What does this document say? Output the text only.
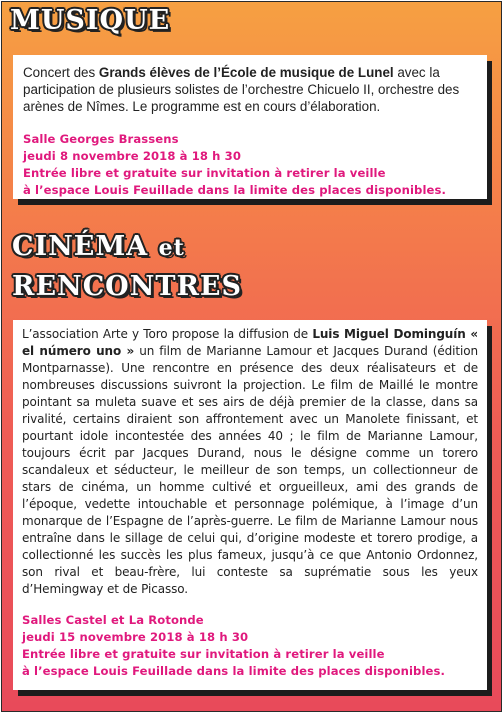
MUSIQUE

Concert des Grands élèves de l’École de musique de Lunel avec la participation de plusieurs solistes de l’orchestre Chicuelo II, orchestre des arènes de Nîmes. Le programme est en cours d’élaboration.

Salle Georges Brassens
jeudi 8 novembre 2018 à 18 h 30
Entrée libre et gratuite sur invitation à retirer la veille
à l’espace Louis Feuillade dans la limite des places disponibles.

CINÉMA et
RENCONTRES

L’association Arte y Toro propose la diffusion de Luis Miguel Dominguín « el número uno » un film de Marianne Lamour et Jacques Durand (édition Montparnasse). Une rencontre en présence des deux réalisateurs et de nombreuses discussions suivront la projection. Le film de Maillé le montre pointant sa muleta suave et ses airs de déjà premier de la classe, dans sa rivalité, certains diraient son affrontement avec un Manolete finissant, et pourtant idole incontestée des années 40 ; le film de Marianne Lamour, toujours écrit par Jacques Durand, nous le désigne comme un torero scandaleux et séducteur, le meilleur de son temps, un collectionneur de stars de cinéma, un homme cultivé et orgueilleux, ami des grands de l’époque, vedette intouchable et personnage polémique, à l’image d’un monarque de l’Espagne de l’après-guerre. Le film de Marianne Lamour nous entraîne dans le sillage de celui qui, d’origine modeste et torero prodige, a collectionné les succès les plus fameux, jusqu’à ce que Antonio Ordonnez, son rival et beau-frère, lui conteste sa suprématie sous les yeux d’Hemingway et de Picasso.

Salles Castel et La Rotonde
jeudi 15 novembre 2018 à 18 h 30
Entrée libre et gratuite sur invitation à retirer la veille
à l’espace Louis Feuillade dans la limite des places disponibles.
